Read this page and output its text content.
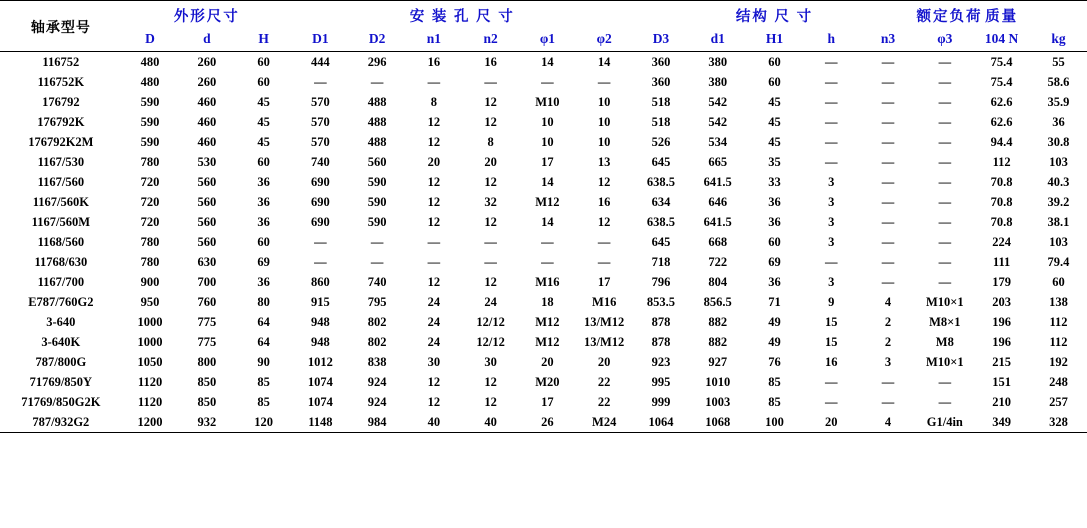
轴承型号	外形尺寸			安 装 孔 尺 寸						结构 尺 寸					额定负荷	质量	
	D	d	H	D1	D2	n1	n2	φ1	φ2	D3	d1	H1	h	n3	φ3	104 N	kg
116752	480	260	60	444	296	16	16	14	14	360	380	60	—	—	—	75.4	55
116752K	480	260	60	—	—	—	—	—	—	360	380	60	—	—	—	75.4	58.6
176792	590	460	45	570	488	8	12	M10	10	518	542	45	—	—	—	62.6	35.9
176792K	590	460	45	570	488	12	12	10	10	518	542	45	—	—	—	62.6	36
176792K2M	590	460	45	570	488	12	8	10	10	526	534	45	—	—	—	94.4	30.8
1167/530	780	530	60	740	560	20	20	17	13	645	665	35	—	—	—	112	103
1167/560	720	560	36	690	590	12	12	14	12	638.5	641.5	33	3	—	—	70.8	40.3
1167/560K	720	560	36	690	590	12	32	M12	16	634	646	36	3	—	—	70.8	39.2
1167/560M	720	560	36	690	590	12	12	14	12	638.5	641.5	36	3	—	—	70.8	38.1
1168/560	780	560	60	—	—	—	—	—	—	645	668	60	3	—	—	224	103
11768/630	780	630	69	—	—	—	—	—	—	718	722	69	—	—	—	111	79.4
1167/700	900	700	36	860	740	12	12	M16	17	796	804	36	3	—	—	179	60
E787/760G2	950	760	80	915	795	24	24	18	M16	853.5	856.5	71	9	4	M10×1	203	138
3-640	1000	775	64	948	802	24	12/12	M12	13/M12	878	882	49	15	2	M8×1	196	112
3-640K	1000	775	64	948	802	24	12/12	M12	13/M12	878	882	49	15	2	M8	196	112
787/800G	1050	800	90	1012	838	30	30	20	20	923	927	76	16	3	M10×1	215	192
71769/850Y	1120	850	85	1074	924	12	12	M20	22	995	1010	85	—	—	—	151	248
71769/850G2K	1120	850	85	1074	924	12	12	17	22	999	1003	85	—	—	—	210	257
787/932G2	1200	932	120	1148	984	40	40	26	M24	1064	1068	100	20	4	G1/4in	349	328
